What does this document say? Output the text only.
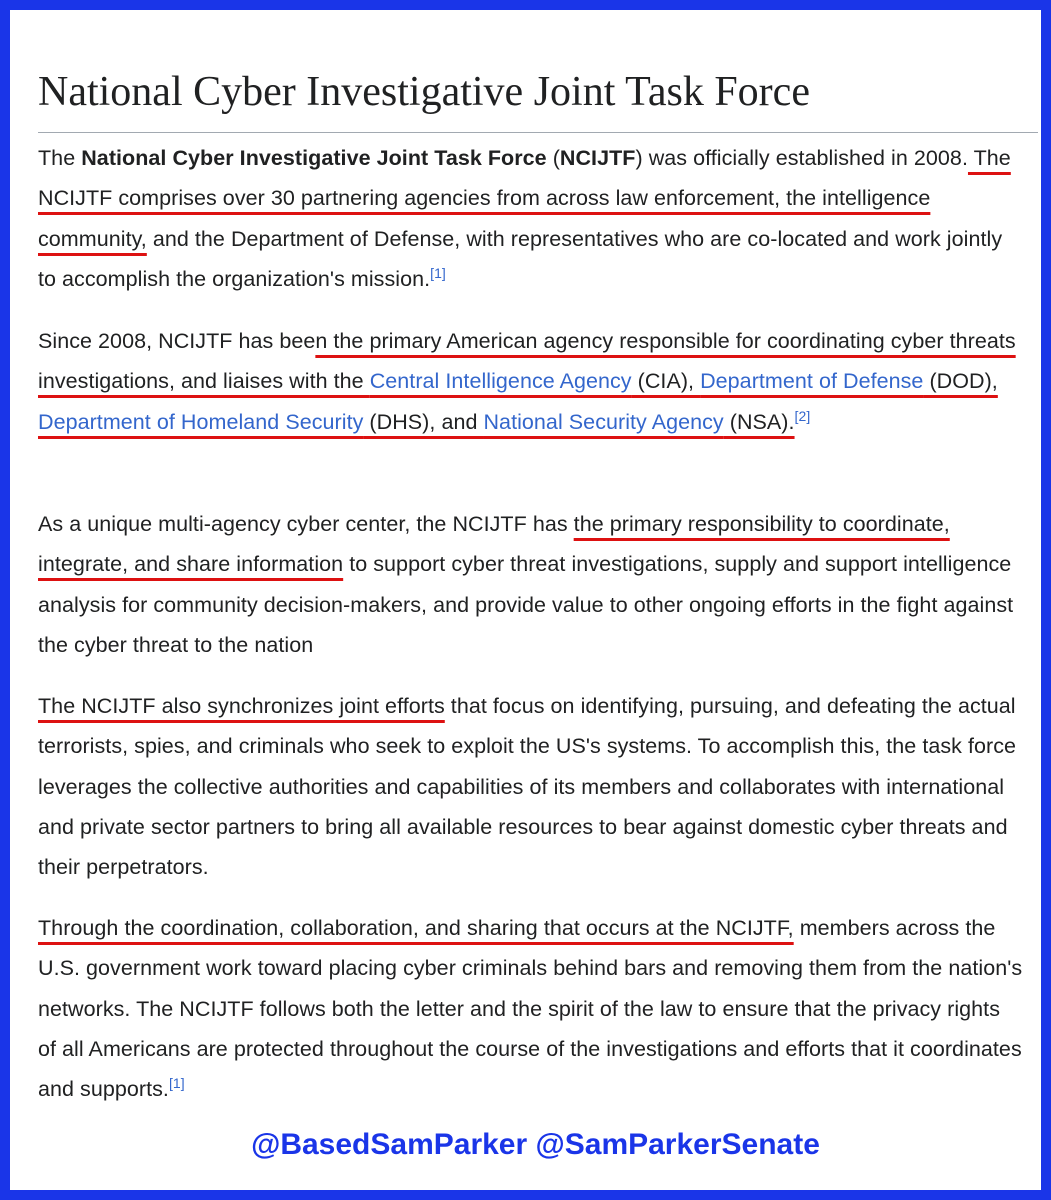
National Cyber Investigative Joint Task Force

The National Cyber Investigative Joint Task Force (NCIJTF) was officially established in 2008. The NCIJTF comprises over 30 partnering agencies from across law enforcement, the intelligence community, and the Department of Defense, with representatives who are co-located and work jointly to accomplish the organization's mission.[1]

Since 2008, NCIJTF has been the primary American agency responsible for coordinating cyber threats investigations, and liaises with the Central Intelligence Agency (CIA), Department of Defense (DOD), Department of Homeland Security (DHS), and National Security Agency (NSA).[2]

As a unique multi-agency cyber center, the NCIJTF has the primary responsibility to coordinate, integrate, and share information to support cyber threat investigations, supply and support intelligence analysis for community decision-makers, and provide value to other ongoing efforts in the fight against the cyber threat to the nation

The NCIJTF also synchronizes joint efforts that focus on identifying, pursuing, and defeating the actual terrorists, spies, and criminals who seek to exploit the US's systems. To accomplish this, the task force leverages the collective authorities and capabilities of its members and collaborates with international and private sector partners to bring all available resources to bear against domestic cyber threats and their perpetrators.

Through the coordination, collaboration, and sharing that occurs at the NCIJTF, members across the U.S. government work toward placing cyber criminals behind bars and removing them from the nation's networks. The NCIJTF follows both the letter and the spirit of the law to ensure that the privacy rights of all Americans are protected throughout the course of the investigations and efforts that it coordinates and supports.[1]

@BasedSamParker @SamParkerSenate
